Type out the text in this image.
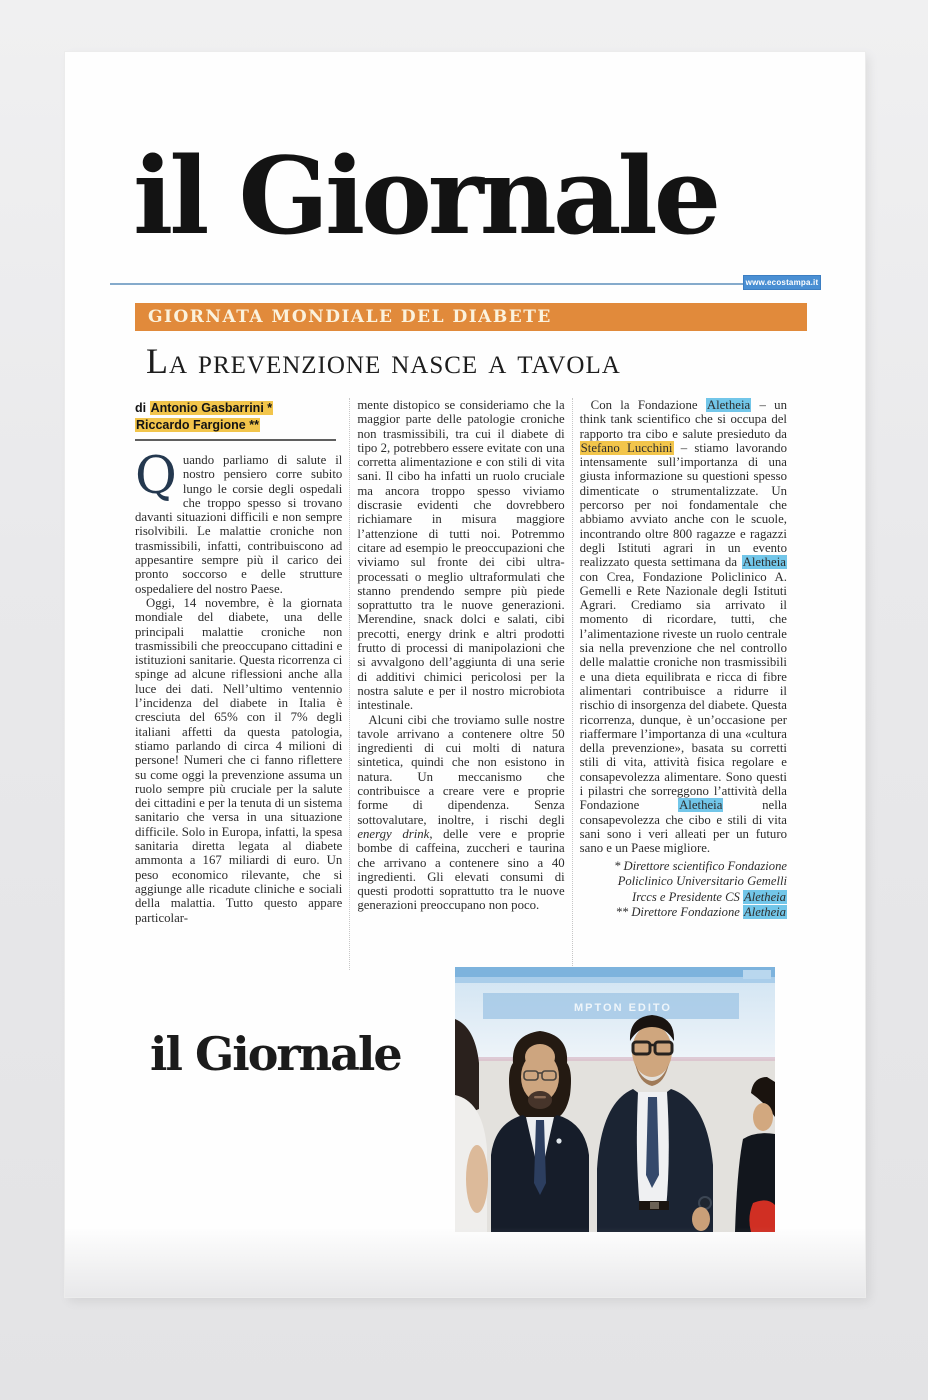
il Giornale
www.ecostampa.it
GIORNATA MONDIALE DEL DIABETE
La prevenzione nasce a tavola
di Antonio Gasbarrini *
Riccardo Fargione **

Quando parliamo di salute il nostro pensiero corre subito lungo le corsie degli ospedali che troppo spesso si trovano davanti situazioni difficili e non sempre risolvibili. Le malattie croniche non trasmissibili, infatti, contribuiscono ad appesantire sempre più il carico dei pronto soccorso e delle strutture ospedaliere del nostro Paese.

Oggi, 14 novembre, è la giornata mondiale del diabete, una delle principali malattie croniche non trasmissibili che preoccupano cittadini e istituzioni sanitarie. Questa ricorrenza ci spinge ad alcune riflessioni anche alla luce dei dati. Nell’ultimo ventennio l’incidenza del diabete in Italia è cresciuta del 65% con il 7% degli italiani affetti da questa patologia, stiamo parlando di circa 4 milioni di persone! Numeri che ci fanno riflettere su come oggi la prevenzione assuma un ruolo sempre più cruciale per la salute dei cittadini e per la tenuta di un sistema sanitario che versa in una situazione difficile. Solo in Europa, infatti, la spesa sanitaria diretta legata al diabete ammonta a 167 miliardi di euro. Un peso economico rilevante, che si aggiunge alle ricadute cliniche e sociali della malattia. Tutto questo appare particolar-

mente distopico se consideriamo che la maggior parte delle patologie croniche non trasmissibili, tra cui il diabete di tipo 2, potrebbero essere evitate con una corretta alimentazione e con stili di vita sani. Il cibo ha infatti un ruolo cruciale ma ancora troppo spesso viviamo discrasie evidenti che dovrebbero richiamare in misura maggiore l’attenzione di tutti noi. Potremmo citare ad esempio le preoccupazioni che viviamo sul fronte dei cibi ultra-processati o meglio ultraformulati che stanno prendendo sempre più piede soprattutto tra le nuove generazioni. Merendine, snack dolci e salati, cibi precotti, energy drink e altri prodotti frutto di processi di manipolazioni che si avvalgono dell’aggiunta di una serie di additivi chimici pericolosi per la nostra salute e per il nostro microbiota intestinale.

Alcuni cibi che troviamo sulle nostre tavole arrivano a contenere oltre 50 ingredienti di cui molti di natura sintetica, quindi che non esistono in natura. Un meccanismo che contribuisce a creare vere e proprie forme di dipendenza. Senza sottovalutare, inoltre, i rischi degli energy drink, delle vere e proprie bombe di caffeina, zuccheri e taurina che arrivano a contenere sino a 40 ingredienti. Gli elevati consumi di questi prodotti soprattutto tra le nuove generazioni preoccupano non poco.

Con la Fondazione Aletheia – un think tank scientifico che si occupa del rapporto tra cibo e salute presieduto da Stefano Lucchini – stiamo lavorando intensamente sull’importanza di una giusta informazione su questioni spesso dimenticate o strumentalizzate. Un percorso per noi fondamentale che abbiamo avviato anche con le scuole, incontrando oltre 800 ragazze e ragazzi degli Istituti agrari in un evento realizzato questa settimana da Aletheia con Crea, Fondazione Policlinico A. Gemelli e Rete Nazionale degli Istituti Agrari. Crediamo sia arrivato il momento di ricordare, tutti, che l’alimentazione riveste un ruolo centrale sia nella prevenzione che nel controllo delle malattie croniche non trasmissibili e una dieta equilibrata e ricca di fibre alimentari contribuisce a ridurre il rischio di insorgenza del diabete. Questa ricorrenza, dunque, è un’occasione per riaffermare l’importanza di una «cultura della prevenzione», basata su corretti stili di vita, attività fisica regolare e consapevolezza alimentare. Sono questi i pilastri che sorreggono l’attività della Fondazione Aletheia nella consapevolezza che cibo e stili di vita sani sono i veri alleati per un futuro sano e un Paese migliore.

* Direttore scientifico Fondazione
Policlinico Universitario Gemelli
Irccs e Presidente CS Aletheia
** Direttore Fondazione Aletheia
MPTON EDITO
il Giornale
